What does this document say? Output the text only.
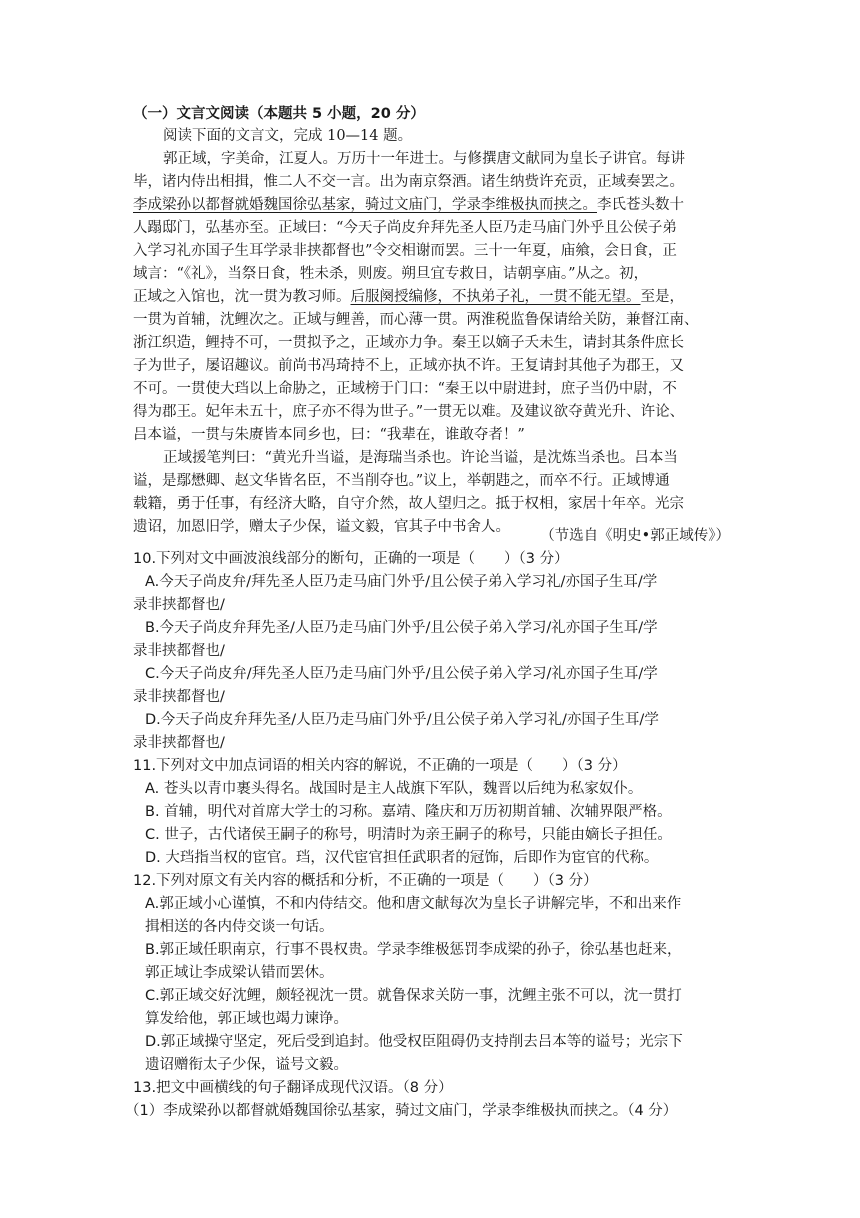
（一）文言文阅读（本题共 5 小题，20 分）
阅读下面的文言文，完成 10—14 题。
郭正域，字美命，江夏人。万历十一年进士。与修撰唐文献同为皇长子讲官。每讲
毕，诸内侍出相揖，惟二人不交一言。出为南京祭酒。诸生纳赀许充贡，正域奏罢之。
李成梁孙以都督就婚魏国徐弘基家，骑过文庙门，学录李维极执而挟之。李氏苍头数十
人蹋邸门，弘基亦至。正域曰：“今天子尚皮弁拜先圣人臣乃走马庙门外乎且公侯子弟
入学习礼亦国子生耳学录非挟都督也”令交相谢而罢。三十一年夏，庙飨，会日食，正
域言：“《礼》，当祭日食，牲未杀，则废。朔旦宜专救日，诘朝享庙。”从之。初，
正域之入馆也，沈一贯为教习师。后服阕授编修，不执弟子礼，一贯不能无望。至是，
一贯为首辅，沈鲤次之。正域与鲤善，而心薄一贯。两淮税监鲁保请给关防，兼督江南、
浙江织造，鲤持不可，一贯拟予之，正域亦力争。秦王以嫡子夭未生，请封其条件庶长
子为世子，屡诏趣议。前尚书冯琦持不上，正域亦执不许。王复请封其他子为郡王，又
不可。一贯使大珰以上命胁之，正域榜于门口：“秦王以中尉进封，庶子当仍中尉，不
得为郡王。妃年未五十，庶子亦不得为世子。”一贯无以难。及建议欲夺黄光升、许论、
吕本谥，一贯与朱赓皆本同乡也，曰：“我辈在，谁敢夺者！”
正域援笔判曰：“黄光升当谥，是海瑞当杀也。许论当谥，是沈炼当杀也。吕本当
谥，是鄢懋卿、赵文华皆名臣，不当削夺也。”议上，举朝韪之，而卒不行。正域博通
载籍，勇于任事，有经济大略，自守介然，故人望归之。抵于权相，家居十年卒。光宗
遗诏，加恩旧学，赠太子少保，谥文毅，官其子中书舍人。
（节选自《明史•郭正域传》）
10.下列对文中画波浪线部分的断句，正确的一项是（　　）（3 分）
A.今天子尚皮弁/拜先圣人臣乃走马庙门外乎/且公侯子弟入学习礼/亦国子生耳/学
录非挟都督也/
B.今天子尚皮弁拜先圣/人臣乃走马庙门外乎/且公侯子弟入学习/礼亦国子生耳/学
录非挟都督也/
C.今天子尚皮弁/拜先圣人臣乃走马庙门外乎/且公侯子弟入学习/礼亦国子生耳/学
录非挟都督也/
D.今天子尚皮弁拜先圣/人臣乃走马庙门外乎/且公侯子弟入学习礼/亦国子生耳/学
录非挟都督也/
11.下列对文中加点词语的相关内容的解说，不正确的一项是（　　）（3 分）
A. 苍头以青巾裹头得名。战国时是主人战旗下军队，魏晋以后纯为私家奴仆。
B. 首辅，明代对首席大学士的习称。嘉靖、隆庆和万历初期首辅、次辅界限严格。
C. 世子，古代诸侯王嗣子的称号，明清时为亲王嗣子的称号，只能由嫡长子担任。
D. 大珰指当权的宦官。珰，汉代宦官担任武职者的冠饰，后即作为宦官的代称。
12.下列对原文有关内容的概括和分析，不正确的一项是（　　）（3 分）
A.郭正域小心谨慎，不和内侍结交。他和唐文献每次为皇长子讲解完毕，不和出来作
揖相送的各内侍交谈一句话。
B.郭正域任职南京，行事不畏权贵。学录李维极惩罚李成梁的孙子，徐弘基也赶来，
郭正域让李成梁认错而罢休。
C.郭正域交好沈鲤，颇轻视沈一贯。就鲁保求关防一事，沈鲤主张不可以，沈一贯打
算发给他，郭正域也竭力谏诤。
D.郭正域操守坚定，死后受到追封。他受权臣阻碍仍支持削去吕本等的谥号；光宗下
遗诏赠衔太子少保，谥号文毅。
13.把文中画横线的句子翻译成现代汉语。（8 分）
（1）李成梁孙以都督就婚魏国徐弘基家，骑过文庙门，学录李维极执而挟之。（4 分）
